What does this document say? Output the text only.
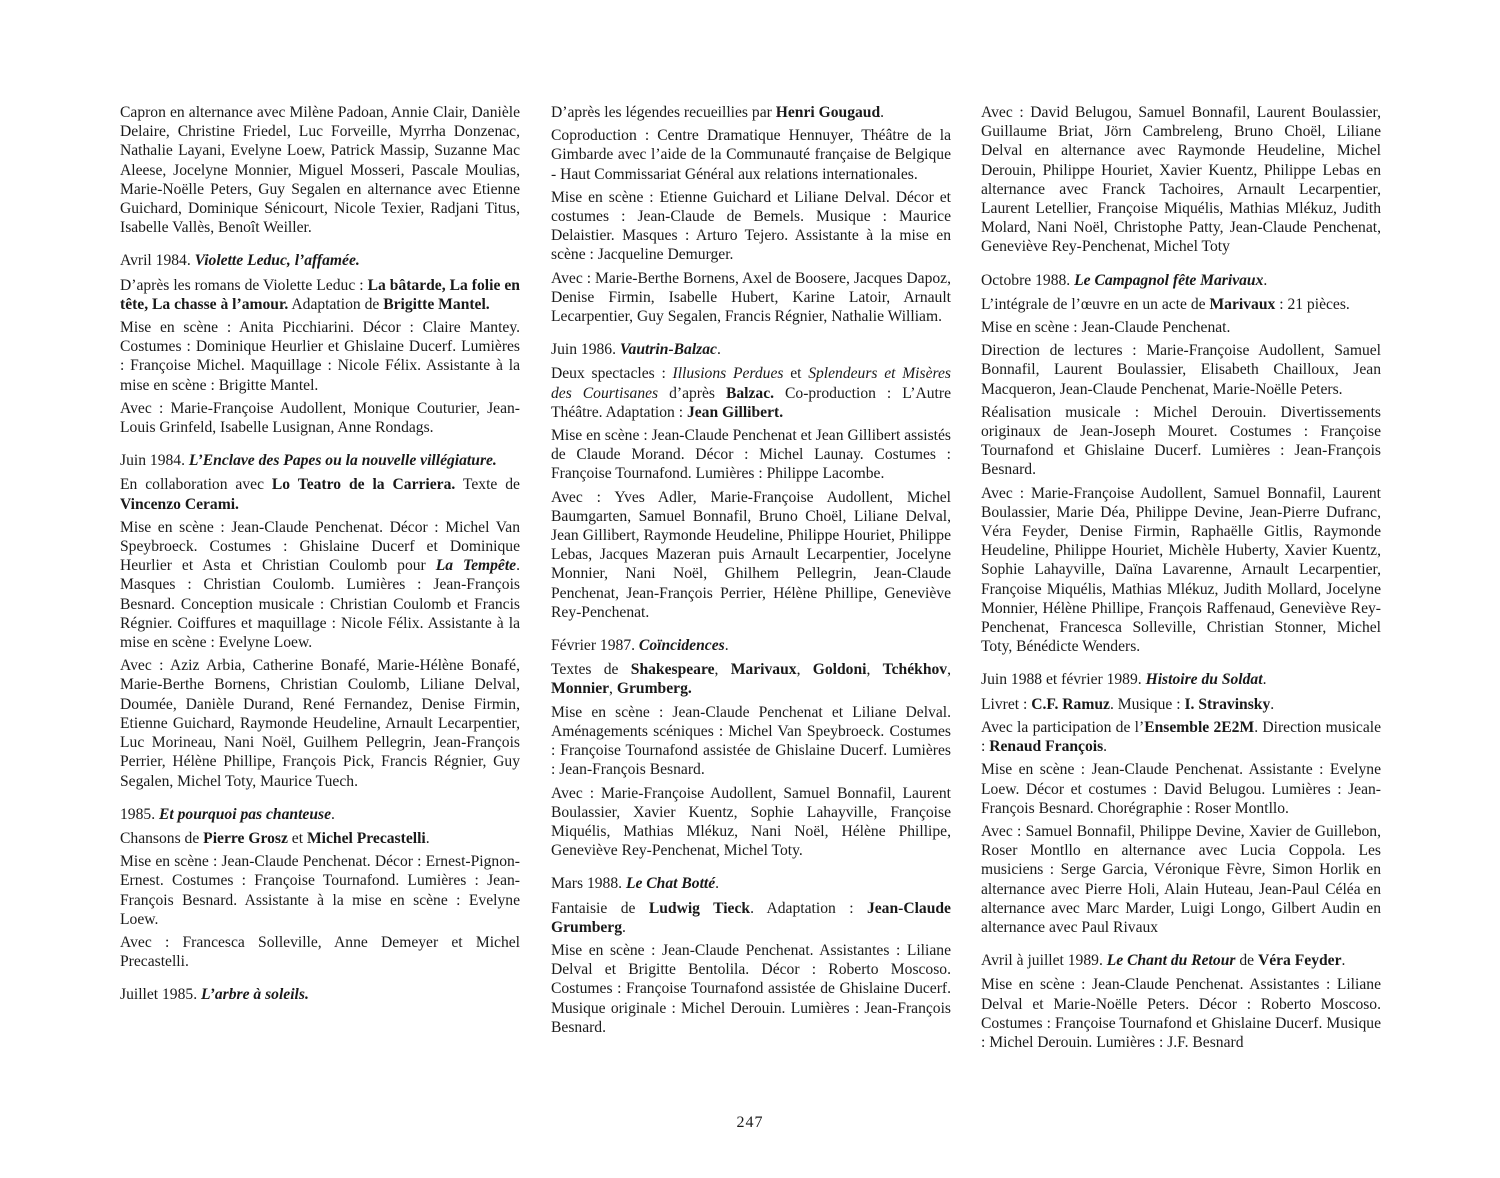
Capron en alternance avec Milène Padoan, Annie Clair, Danièle Delaire, Christine Friedel, Luc Forveille, Myrrha Donzenac, Nathalie Layani, Evelyne Loew, Patrick Massip, Suzanne Mac Aleese, Jocelyne Monnier, Miguel Mosseri, Pascale Moulias, Marie-Noëlle Peters, Guy Segalen en alternance avec Etienne Guichard, Dominique Sénicourt, Nicole Texier, Radjani Titus, Isabelle Vallès, Benoît Weiller.

Avril 1984. Violette Leduc, l’affamée.

D’après les romans de Violette Leduc : La bâtarde, La folie en tête, La chasse à l’amour. Adaptation de Brigitte Mantel.

Mise en scène : Anita Picchiarini. Décor : Claire Mantey. Costumes : Dominique Heurlier et Ghislaine Ducerf. Lumières : Françoise Michel. Maquillage : Nicole Félix. Assistante à la mise en scène : Brigitte Mantel.

Avec : Marie-Françoise Audollent, Monique Couturier, Jean-Louis Grinfeld, Isabelle Lusignan, Anne Rondags.

Juin 1984. L’Enclave des Papes ou la nouvelle villégiature.

En collaboration avec Lo Teatro de la Carriera. Texte de Vincenzo Cerami.

Mise en scène : Jean-Claude Penchenat. Décor : Michel Van Speybroeck. Costumes : Ghislaine Ducerf et Dominique Heurlier et Asta et Christian Coulomb pour La Tempête. Masques : Christian Coulomb. Lumières : Jean-François Besnard. Conception musicale : Christian Coulomb et Francis Régnier. Coiffures et maquillage : Nicole Félix. Assistante à la mise en scène : Evelyne Loew.

Avec : Aziz Arbia, Catherine Bonafé, Marie-Hélène Bonafé, Marie-Berthe Bornens, Christian Coulomb, Liliane Delval, Doumée, Danièle Durand, René Fernandez, Denise Firmin, Etienne Guichard, Raymonde Heudeline, Arnault Lecarpentier, Luc Morineau, Nani Noël, Guilhem Pellegrin, Jean-François Perrier, Hélène Phillipe, François Pick, Francis Régnier, Guy Segalen, Michel Toty, Maurice Tuech.

1985. Et pourquoi pas chanteuse.

Chansons de Pierre Grosz et Michel Precastelli.

Mise en scène : Jean-Claude Penchenat. Décor : Ernest-Pignon-Ernest. Costumes : Françoise Tournafond. Lumières : Jean-François Besnard. Assistante à la mise en scène : Evelyne Loew.

Avec : Francesca Solleville, Anne Demeyer et Michel Precastelli.

Juillet 1985. L’arbre à soleils.

D’après les légendes recueillies par Henri Gougaud.

Coproduction : Centre Dramatique Hennuyer, Théâtre de la Gimbarde avec l’aide de la Communauté française de Belgique - Haut Commissariat Général aux relations internationales.

Mise en scène : Etienne Guichard et Liliane Delval. Décor et costumes : Jean-Claude de Bemels. Musique : Maurice Delaistier. Masques : Arturo Tejero. Assistante à la mise en scène : Jacqueline Demurger.

Avec : Marie-Berthe Bornens, Axel de Boosere, Jacques Dapoz, Denise Firmin, Isabelle Hubert, Karine Latoir, Arnault Lecarpentier, Guy Segalen, Francis Régnier, Nathalie William.

Juin 1986. Vautrin-Balzac.

Deux spectacles : Illusions Perdues et Splendeurs et Misères des Courtisanes d’après Balzac. Co-production : L’Autre Théâtre. Adaptation : Jean Gillibert.

Mise en scène : Jean-Claude Penchenat et Jean Gillibert assistés de Claude Morand. Décor : Michel Launay. Costumes : Françoise Tournafond. Lumières : Philippe Lacombe.

Avec : Yves Adler, Marie-Françoise Audollent, Michel Baumgarten, Samuel Bonnafil, Bruno Choël, Liliane Delval, Jean Gillibert, Raymonde Heudeline, Philippe Houriet, Philippe Lebas, Jacques Mazeran puis Arnault Lecarpentier, Jocelyne Monnier, Nani Noël, Ghilhem Pellegrin, Jean-Claude Penchenat, Jean-François Perrier, Hélène Phillipe, Geneviève Rey-Penchenat.

Février 1987. Coïncidences.

Textes de Shakespeare, Marivaux, Goldoni, Tchékhov, Monnier, Grumberg.

Mise en scène : Jean-Claude Penchenat et Liliane Delval. Aménagements scéniques : Michel Van Speybroeck. Costumes : Françoise Tournafond assistée de Ghislaine Ducerf. Lumières : Jean-François Besnard.

Avec : Marie-Françoise Audollent, Samuel Bonnafil, Laurent Boulassier, Xavier Kuentz, Sophie Lahayville, Françoise Miquélis, Mathias Mlékuz, Nani Noël, Hélène Phillipe, Geneviève Rey-Penchenat, Michel Toty.

Mars 1988. Le Chat Botté.

Fantaisie de Ludwig Tieck. Adaptation : Jean-Claude Grumberg.

Mise en scène : Jean-Claude Penchenat. Assistantes : Liliane Delval et Brigitte Bentolila. Décor : Roberto Moscoso. Costumes : Françoise Tournafond assistée de Ghislaine Ducerf. Musique originale : Michel Derouin. Lumières : Jean-François Besnard.

Avec : David Belugou, Samuel Bonnafil, Laurent Boulassier, Guillaume Briat, Jörn Cambreleng, Bruno Choël, Liliane Delval en alternance avec Raymonde Heudeline, Michel Derouin, Philippe Houriet, Xavier Kuentz, Philippe Lebas en alternance avec Franck Tachoires, Arnault Lecarpentier, Laurent Letellier, Françoise Miquélis, Mathias Mlékuz, Judith Molard, Nani Noël, Christophe Patty, Jean-Claude Penchenat, Geneviève Rey-Penchenat, Michel Toty

Octobre 1988. Le Campagnol fête Marivaux.

L’intégrale de l’œuvre en un acte de Marivaux : 21 pièces.

Mise en scène : Jean-Claude Penchenat.

Direction de lectures : Marie-Françoise Audollent, Samuel Bonnafil, Laurent Boulassier, Elisabeth Chailloux, Jean Macqueron, Jean-Claude Penchenat, Marie-Noëlle Peters.

Réalisation musicale : Michel Derouin. Divertissements originaux de Jean-Joseph Mouret. Costumes : Françoise Tournafond et Ghislaine Ducerf. Lumières : Jean-François Besnard.

Avec : Marie-Françoise Audollent, Samuel Bonnafil, Laurent Boulassier, Marie Déa, Philippe Devine, Jean-Pierre Dufranc, Véra Feyder, Denise Firmin, Raphaëlle Gitlis, Raymonde Heudeline, Philippe Houriet, Michèle Huberty, Xavier Kuentz, Sophie Lahayville, Daïna Lavarenne, Arnault Lecarpentier, Françoise Miquélis, Mathias Mlékuz, Judith Mollard, Jocelyne Monnier, Hélène Phillipe, François Raffenaud, Geneviève Rey-Penchenat, Francesca Solleville, Christian Stonner, Michel Toty, Bénédicte Wenders.

Juin 1988 et février 1989. Histoire du Soldat.

Livret : C.F. Ramuz. Musique : I. Stravinsky.

Avec la participation de l’Ensemble 2E2M. Direction musicale : Renaud François.

Mise en scène : Jean-Claude Penchenat. Assistante : Evelyne Loew. Décor et costumes : David Belugou. Lumières : Jean-François Besnard. Chorégraphie : Roser Montllo.

Avec : Samuel Bonnafil, Philippe Devine, Xavier de Guillebon, Roser Montllo en alternance avec Lucia Coppola. Les musiciens : Serge Garcia, Véronique Fèvre, Simon Horlik en alternance avec Pierre Holi, Alain Huteau, Jean-Paul Céléa en alternance avec Marc Marder, Luigi Longo, Gilbert Audin en alternance avec Paul Rivaux

Avril à juillet 1989. Le Chant du Retour de Véra Feyder.

Mise en scène : Jean-Claude Penchenat. Assistantes : Liliane Delval et Marie-Noëlle Peters. Décor : Roberto Moscoso. Costumes : Françoise Tournafond et Ghislaine Ducerf. Musique : Michel Derouin. Lumières : J.F. Besnard

247
